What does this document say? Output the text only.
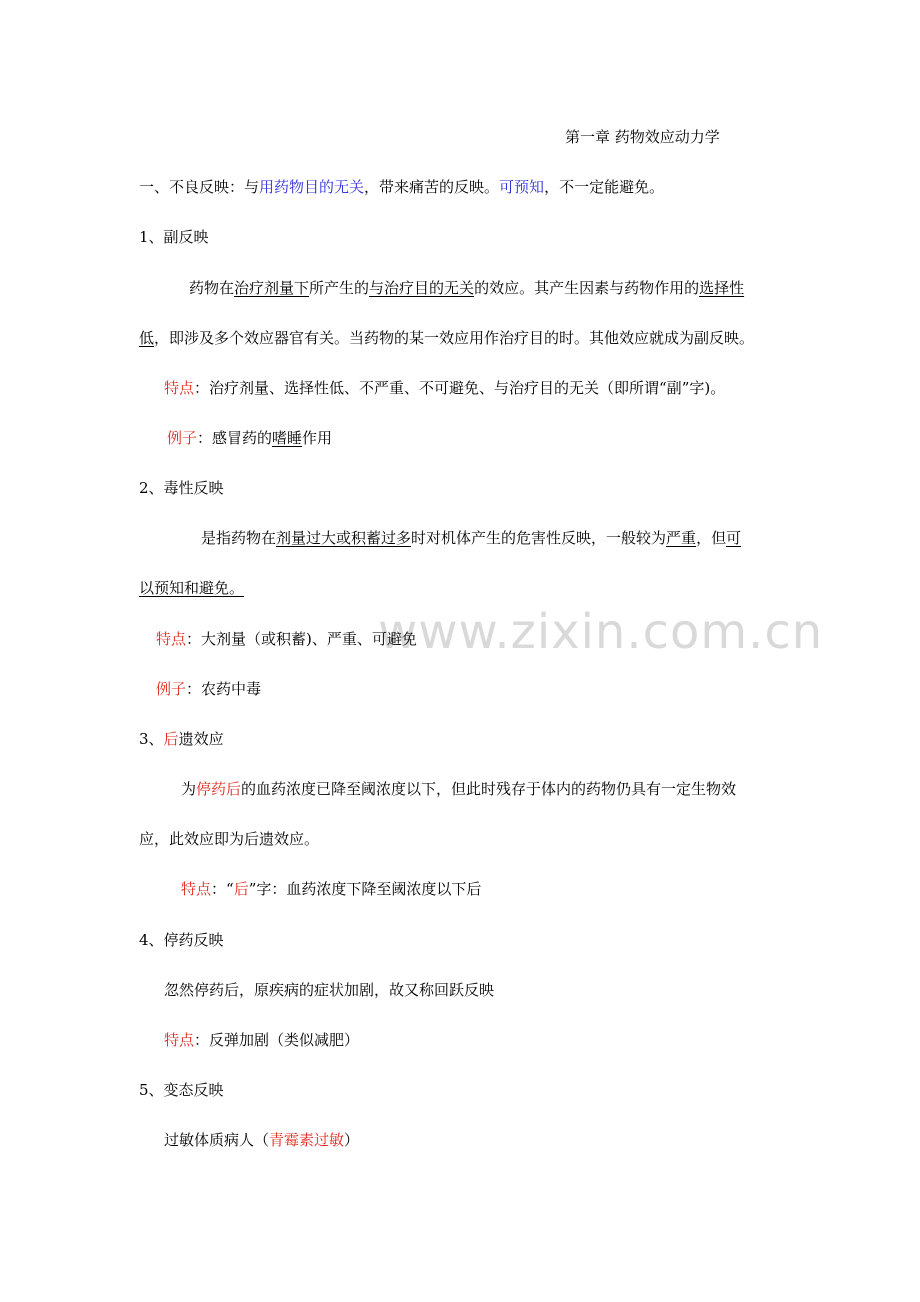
www.zixin.com.cn
第一章 药物效应动力学
一、不良反映：与用药物目的无关，带来痛苦的反映。可预知，不一定能避免。
1、副反映
药物在治疗剂量下所产生的与治疗目的无关的效应。其产生因素与药物作用的选择性
低，即涉及多个效应器官有关。当药物的某一效应用作治疗目的时。其他效应就成为副反映。
特点：治疗剂量、选择性低、不严重、不可避免、与治疗目的无关（即所谓“副”字)。
例子：感冒药的嗜睡作用
2、毒性反映
是指药物在剂量过大或积蓄过多时对机体产生的危害性反映，一般较为严重，但可
以预知和避免。
特点：大剂量（或积蓄)、严重、可避免
例子：农药中毒
3、后遗效应
为停药后的血药浓度已降至阈浓度以下，但此时残存于体内的药物仍具有一定生物效
应，此效应即为后遗效应。
特点：“后”字：血药浓度下降至阈浓度以下后
4、停药反映
忽然停药后，原疾病的症状加剧，故又称回跃反映
特点：反弹加剧（类似减肥）
5、变态反映
过敏体质病人（青霉素过敏）
